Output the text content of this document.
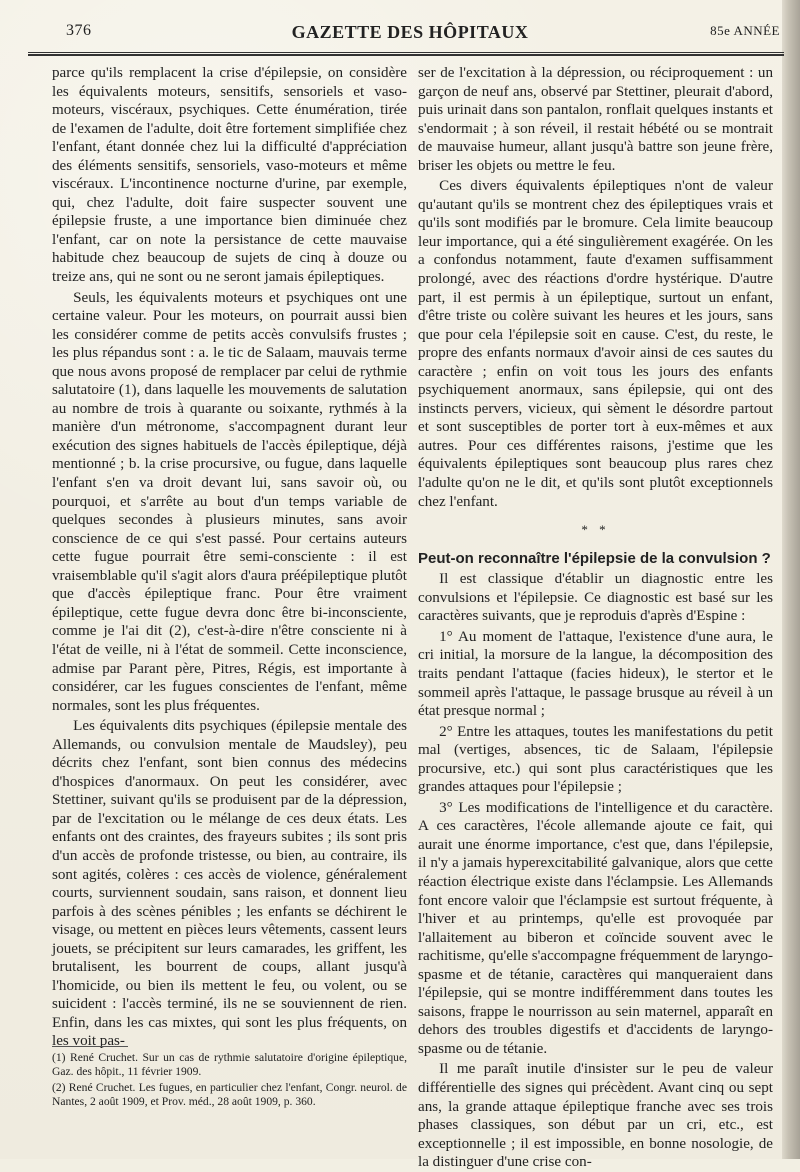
376	GAZETTE DES HÔPITAUX	85e ANNÉE

parce qu'ils remplacent la crise d'épilepsie, on considère les équivalents moteurs, sensitifs, sensoriels et vaso-moteurs, viscéraux, psychiques. Cette énumération, tirée de l'examen de l'adulte, doit être fortement simplifiée chez l'enfant, étant donnée chez lui la difficulté d'appréciation des éléments sensitifs, sensoriels, vaso-moteurs et même viscéraux. L'incontinence nocturne d'urine, par exemple, qui, chez l'adulte, doit faire suspecter souvent une épilepsie fruste, a une importance bien diminuée chez l'enfant, car on note la persistance de cette mauvaise habitude chez beaucoup de sujets de cinq à douze ou treize ans, qui ne sont ou ne seront jamais épileptiques.

Seuls, les équivalents moteurs et psychiques ont une certaine valeur. Pour les moteurs, on pourrait aussi bien les considérer comme de petits accès convulsifs frustes ; les plus répandus sont : a. le tic de Salaam, mauvais terme que nous avons proposé de remplacer par celui de rythmie salutatoire (1), dans laquelle les mouvements de salutation au nombre de trois à quarante ou soixante, rythmés à la manière d'un métronome, s'accompagnent durant leur exécution des signes habituels de l'accès épileptique, déjà mentionné ; b. la crise procursive, ou fugue, dans laquelle l'enfant s'en va droit devant lui, sans savoir où, ou pourquoi, et s'arrête au bout d'un temps variable de quelques secondes à plusieurs minutes, sans avoir conscience de ce qui s'est passé. Pour certains auteurs cette fugue pourrait être semi-consciente : il est vraisemblable qu'il s'agit alors d'aura préépileptique plutôt que d'accès épileptique franc. Pour être vraiment épileptique, cette fugue devra donc être bi-inconsciente, comme je l'ai dit (2), c'est-à-dire n'être consciente ni à l'état de veille, ni à l'état de sommeil. Cette inconscience, admise par Parant père, Pitres, Régis, est importante à considérer, car les fugues conscientes de l'enfant, même normales, sont les plus fréquentes.

Les équivalents dits psychiques (épilepsie mentale des Allemands, ou convulsion mentale de Maudsley), peu décrits chez l'enfant, sont bien connus des médecins d'hospices d'anormaux. On peut les considérer, avec Stettiner, suivant qu'ils se produisent par de la dépression, par de l'excitation ou le mélange de ces deux états. Les enfants ont des craintes, des frayeurs subites ; ils sont pris d'un accès de profonde tristesse, ou bien, au contraire, ils sont agités, colères : ces accès de violence, généralement courts, surviennent soudain, sans raison, et donnent lieu parfois à des scènes pénibles ; les enfants se déchirent le visage, ou mettent en pièces leurs vêtements, cassent leurs jouets, se précipitent sur leurs camarades, les griffent, les brutalisent, les bourrent de coups, allant jusqu'à l'homicide, ou bien ils mettent le feu, ou volent, ou se suicident : l'accès terminé, ils ne se souviennent de rien. Enfin, dans les cas mixtes, qui sont les plus fréquents, on les voit pas-

(1) René Cruchet. Sur un cas de rythmie salutatoire d'origine épileptique, Gaz. des hôpit., 11 février 1909.
(2) René Cruchet. Les fugues, en particulier chez l'enfant, Congr. neurol. de Nantes, 2 août 1909, et Prov. méd., 28 août 1909, p. 360.

ser de l'excitation à la dépression, ou réciproquement : un garçon de neuf ans, observé par Stettiner, pleurait d'abord, puis urinait dans son pantalon, ronflait quelques instants et s'endormait ; à son réveil, il restait hébété ou se montrait de mauvaise humeur, allant jusqu'à battre son jeune frère, briser les objets ou mettre le feu.

Ces divers équivalents épileptiques n'ont de valeur qu'autant qu'ils se montrent chez des épileptiques vrais et qu'ils sont modifiés par le bromure. Cela limite beaucoup leur importance, qui a été singulièrement exagérée. On les a confondus notamment, faute d'examen suffisamment prolongé, avec des réactions d'ordre hystérique. D'autre part, il est permis à un épileptique, surtout un enfant, d'être triste ou colère suivant les heures et les jours, sans que pour cela l'épilepsie soit en cause. C'est, du reste, le propre des enfants normaux d'avoir ainsi de ces sautes du caractère ; enfin on voit tous les jours des enfants psychiquement anormaux, sans épilepsie, qui ont des instincts pervers, vicieux, qui sèment le désordre partout et sont susceptibles de porter tort à eux-mêmes et aux autres. Pour ces différentes raisons, j'estime que les équivalents épileptiques sont beaucoup plus rares chez l'adulte qu'on ne le dit, et qu'ils sont plutôt exceptionnels chez l'enfant.

* *

Peut-on reconnaître l'épilepsie de la convulsion ?

Il est classique d'établir un diagnostic entre les convulsions et l'épilepsie. Ce diagnostic est basé sur les caractères suivants, que je reproduis d'après d'Espine :

1° Au moment de l'attaque, l'existence d'une aura, le cri initial, la morsure de la langue, la décomposition des traits pendant l'attaque (facies hideux), le stertor et le sommeil après l'attaque, le passage brusque au réveil à un état presque normal ;

2° Entre les attaques, toutes les manifestations du petit mal (vertiges, absences, tic de Salaam, l'épilepsie procursive, etc.) qui sont plus caractéristiques que les grandes attaques pour l'épilepsie ;

3° Les modifications de l'intelligence et du caractère. A ces caractères, l'école allemande ajoute ce fait, qui aurait une énorme importance, c'est que, dans l'épilepsie, il n'y a jamais hyperexcitabilité galvanique, alors que cette réaction électrique existe dans l'éclampsie. Les Allemands font encore valoir que l'éclampsie est surtout fréquente, à l'hiver et au printemps, qu'elle est provoquée par l'allaitement au biberon et coïncide souvent avec le rachitisme, qu'elle s'accompagne fréquemment de laryngo-spasme et de tétanie, caractères qui manqueraient dans l'épilepsie, qui se montre indifféremment dans toutes les saisons, frappe le nourrisson au sein maternel, apparaît en dehors des troubles digestifs et d'accidents de laryngo-spasme ou de tétanie.

Il me paraît inutile d'insister sur le peu de valeur différentielle des signes qui précèdent. Avant cinq ou sept ans, la grande attaque épileptique franche avec ses trois phases classiques, son début par un cri, etc., est exceptionnelle ; il est impossible, en bonne nosologie, de la distinguer d'une crise con-
